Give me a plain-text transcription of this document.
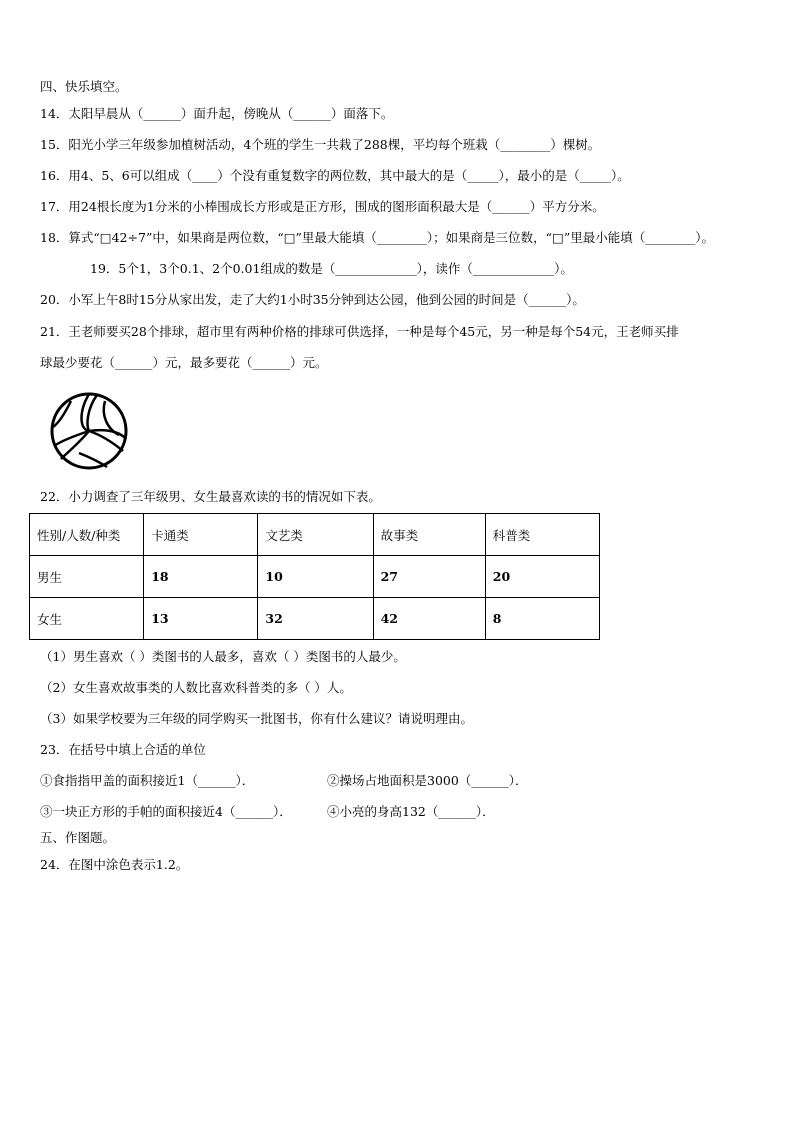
四、快乐填空。
14．太阳早晨从（______）面升起，傍晚从（______）面落下。
15．阳光小学三年级参加植树活动，4个班的学生一共栽了288棵，平均每个班栽（________）棵树。
16．用4、5、6可以组成（____）个没有重复数字的两位数，其中最大的是（_____），最小的是（_____）。
17．用24根长度为1分米的小棒围成长方形或是正方形，围成的图形面积最大是（______）平方分米。
18．算式“□42÷7”中，如果商是两位数，“□”里最大能填（________）；如果商是三位数，“□”里最小能填（________）。
19．5个1，3个0.1、2个0.01组成的数是（_____________），读作（_____________）。
20．小军上午8时15分从家出发，走了大约1小时35分钟到达公园，他到公园的时间是（______）。
21．王老师要买28个排球，超市里有两种价格的排球可供选择，一种是每个45元，另一种是每个54元，王老师买排
球最少要花（______）元，最多要花（______）元。
22．小力调查了三年级男、女生最喜欢读的书的情况如下表。
性别/人数/种类	卡通类	文艺类	故事类	科普类
男生	18	10	27	20
女生	13	32	42	8
（1）男生喜欢（ ）类图书的人最多，喜欢（ ）类图书的人最少。
（2）女生喜欢故事类的人数比喜欢科普类的多（ ）人。
（3）如果学校要为三年级的同学购买一批图书，你有什么建议？请说明理由。
23．在括号中填上合适的单位
①食指指甲盖的面积接近1（______）．	②操场占地面积是3000（______）．
③一块正方形的手帕的面积接近4（______）．	④小亮的身高132（______）．
五、作图题。
24．在图中涂色表示1.2。
